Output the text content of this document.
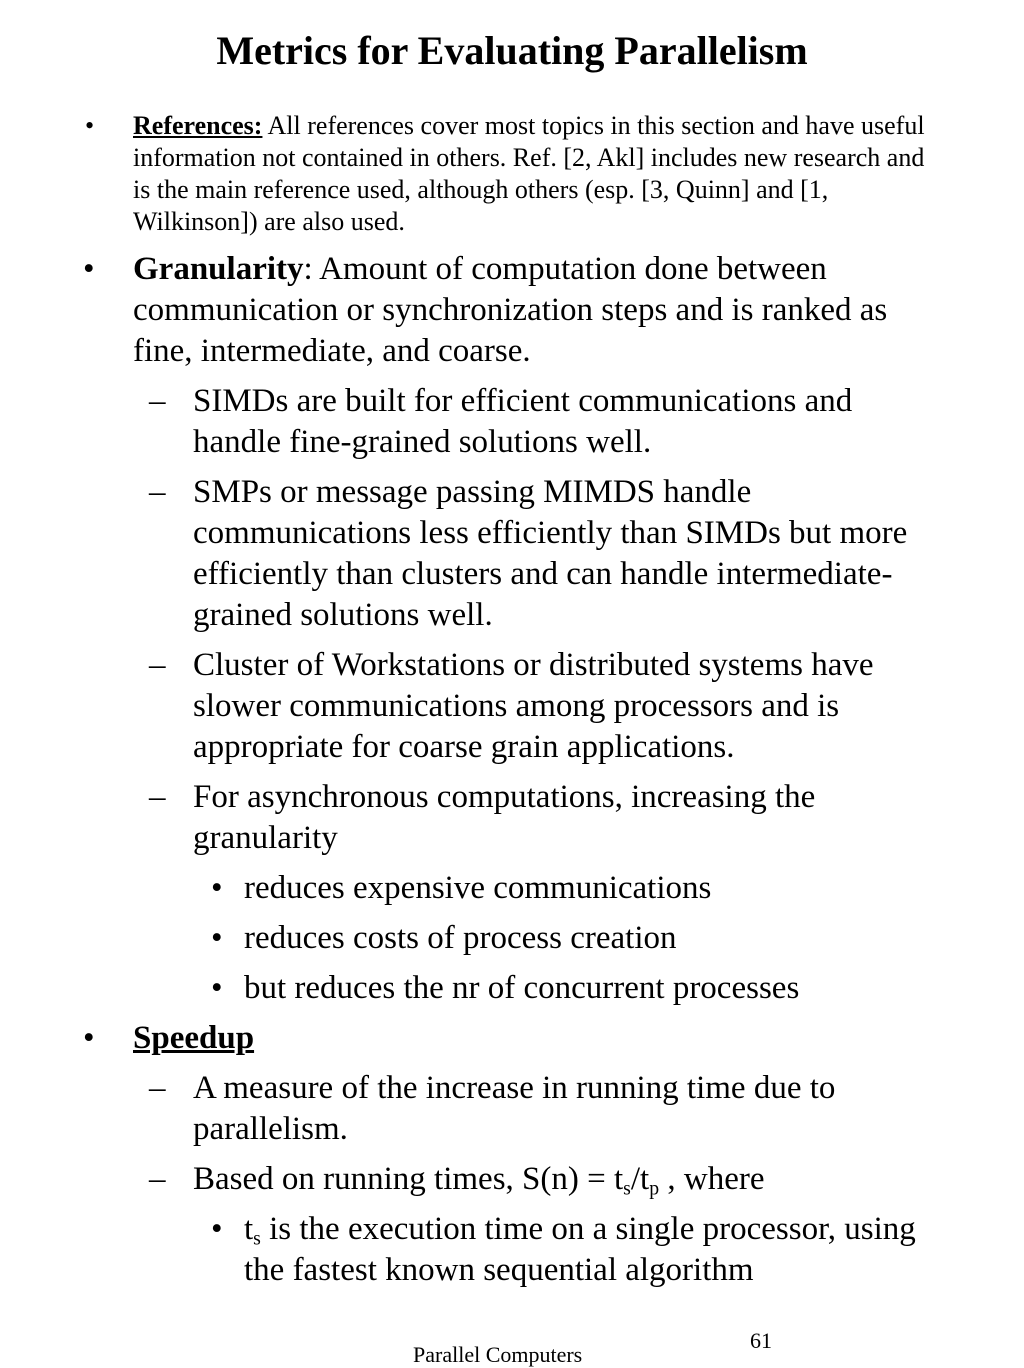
Metrics for Evaluating Parallelism
• References: All references cover most topics in this section and have useful information not contained in others. Ref. [2, Akl] includes new research and is the main reference used, although others (esp. [3, Quinn] and [1, Wilkinson]) are also used.
• Granularity: Amount of computation done between communication or synchronization steps and is ranked as fine, intermediate, and coarse.
– SIMDs are built for efficient communications and handle fine-grained solutions well.
– SMPs or message passing MIMDS handle communications less efficiently than SIMDs but more efficiently than clusters and can handle intermediate-grained solutions well.
– Cluster of Workstations or distributed systems have slower communications among processors and is appropriate for coarse grain applications.
– For asynchronous computations, increasing the granularity
• reduces expensive communications
• reduces costs of process creation
• but reduces the nr of concurrent processes
• Speedup
– A measure of the increase in running time due to parallelism.
– Based on running times, $S(n) = t_s/t_p$ , where
• $t_s$ is the execution time on a single processor, using the fastest known sequential algorithm
Parallel Computers
61
